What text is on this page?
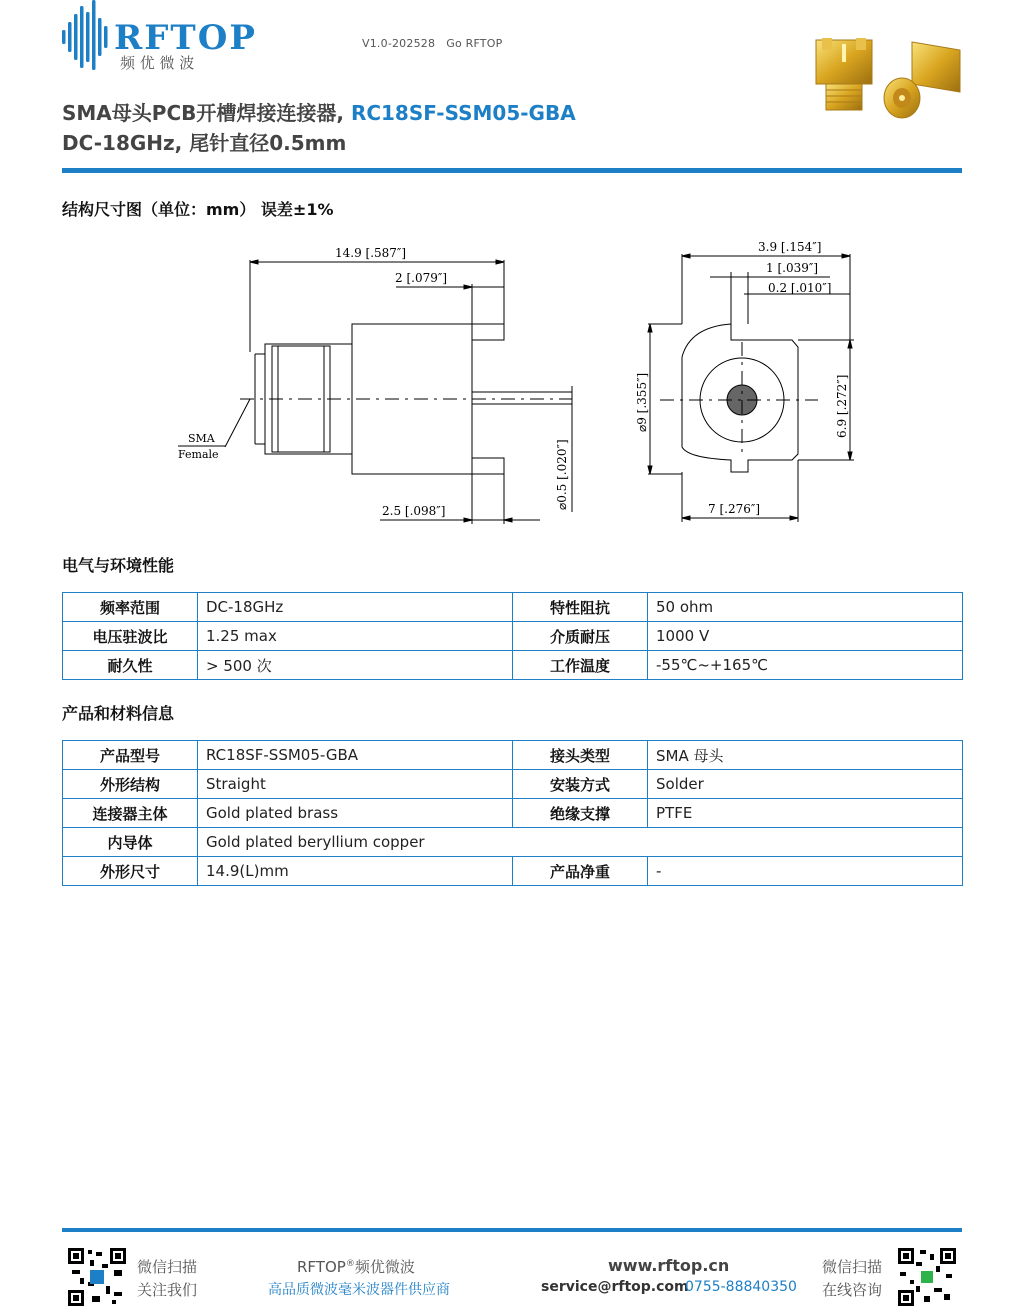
RFTOP
频 优 微 波
V1.0-202528 Go RFTOP
SMA母头PCB开槽焊接连接器, RC18SF-SSM05-GBA
DC-18GHz, 尾针直径0.5mm
结构尺寸图（单位：mm） 误差±1%
14.9 [.587″]
2 [.079″]
SMA
Female
2.5 [.098″]
⌀0.5 [.020″]
3.9 [.154″]
1 [.039″]
0.2 [.010″]
⌀9 [.355″]	6.9 [.272″]
7 [.276″]
电气与环境性能
频率范围	DC-18GHz	特性阻抗	50 ohm
电压驻波比	1.25 max	介质耐压	1000 V
耐久性	> 500 次	工作温度	-55℃~+165℃
产品和材料信息
产品型号	RC18SF-SSM05-GBA	接头类型	SMA 母头
外形结构	Straight	安装方式	Solder
连接器主体	Gold plated brass	绝缘支撑	PTFE
内导体	Gold plated beryllium copper		
外形尺寸	14.9(L)mm	产品净重	-
微信扫描
关注我们
RFTOP®频优微波
高品质微波毫米波器件供应商
www.rftop.cn
service@rftop.com
0755-88840350
微信扫描
在线咨询
